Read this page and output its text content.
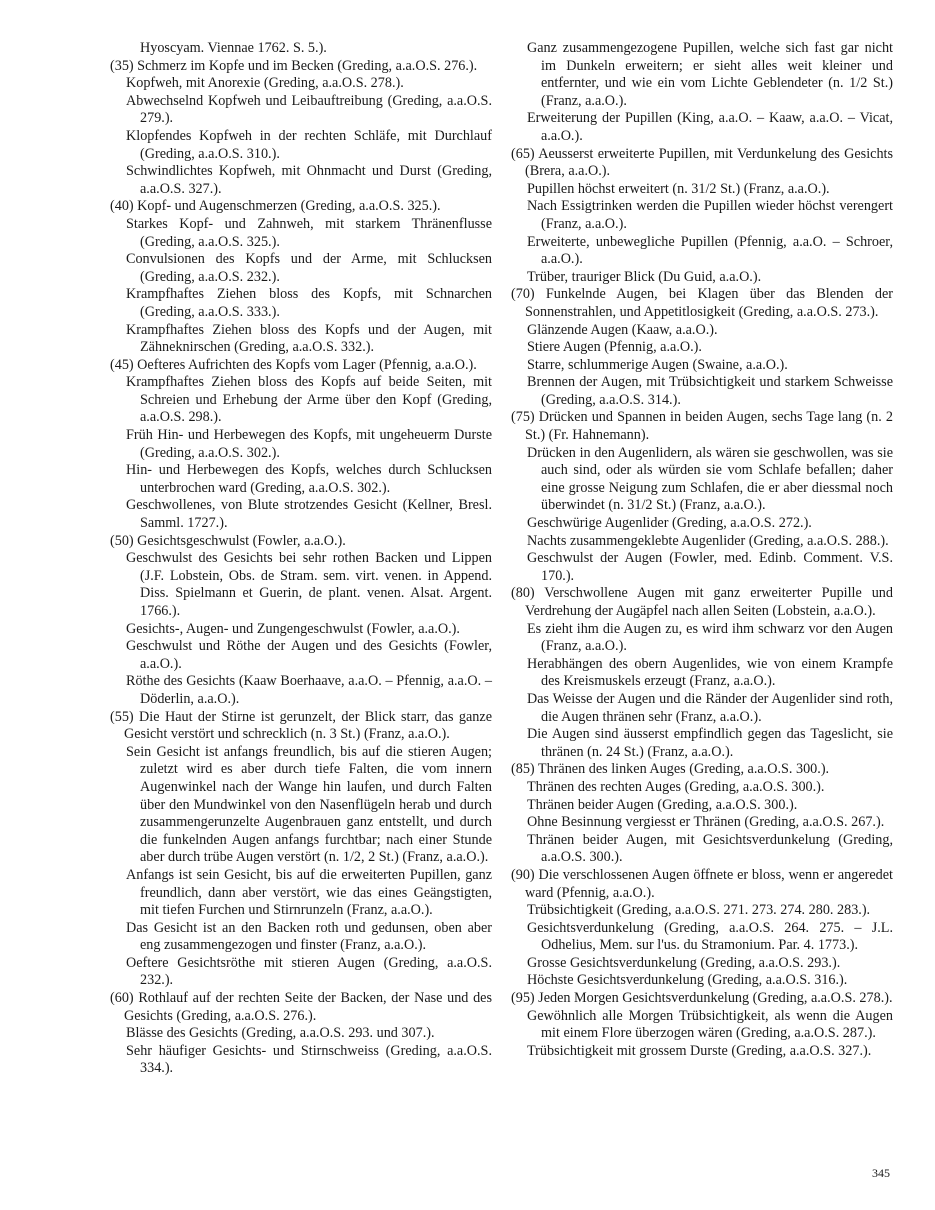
Hyoscyam. Viennae 1762. S. 5.).

(35) Schmerz im Kopfe und im Becken (Greding, a.a.O.S. 276.).

Kopfweh, mit Anorexie (Greding, a.a.O.S. 278.).

Abwechselnd Kopfweh und Leibauftreibung (Greding, a.a.O.S. 279.).

Klopfendes Kopfweh in der rechten Schläfe, mit Durchlauf (Greding, a.a.O.S. 310.).

Schwindlichtes Kopfweh, mit Ohnmacht und Durst (Greding, a.a.O.S. 327.).

(40) Kopf- und Augenschmerzen (Greding, a.a.O.S. 325.).

Starkes Kopf- und Zahnweh, mit starkem Thränenflusse (Greding, a.a.O.S. 325.).

Convulsionen des Kopfs und der Arme, mit Schlucksen (Greding, a.a.O.S. 232.).

Krampfhaftes Ziehen bloss des Kopfs, mit Schnarchen (Greding, a.a.O.S. 333.).

Krampfhaftes Ziehen bloss des Kopfs und der Augen, mit Zähneknirschen (Greding, a.a.O.S. 332.).

(45) Oefteres Aufrichten des Kopfs vom Lager (Pfennig, a.a.O.).

Krampfhaftes Ziehen bloss des Kopfs auf beide Seiten, mit Schreien und Erhebung der Arme über den Kopf (Greding, a.a.O.S. 298.).

Früh Hin- und Herbewegen des Kopfs, mit ungeheuerm Durste (Greding, a.a.O.S. 302.).

Hin- und Herbewegen des Kopfs, welches durch Schlucksen unterbrochen ward (Greding, a.a.O.S. 302.).

Geschwollenes, von Blute strotzendes Gesicht (Kellner, Bresl. Samml. 1727.).

(50) Gesichtsgeschwulst (Fowler, a.a.O.).

Geschwulst des Gesichts bei sehr rothen Backen und Lippen (J.F. Lobstein, Obs. de Stram. sem. virt. venen. in Append. Diss. Spielmann et Guerin, de plant. venen. Alsat. Argent. 1766.).

Gesichts-, Augen- und Zungengeschwulst (Fowler, a.a.O.).

Geschwulst und Röthe der Augen und des Gesichts (Fowler, a.a.O.).

Röthe des Gesichts (Kaaw Boerhaave, a.a.O. – Pfennig, a.a.O. – Döderlin, a.a.O.).

(55) Die Haut der Stirne ist gerunzelt, der Blick starr, das ganze Gesicht verstört und schrecklich (n. 3 St.) (Franz, a.a.O.).

Sein Gesicht ist anfangs freundlich, bis auf die stieren Augen; zuletzt wird es aber durch tiefe Falten, die vom innern Augenwinkel nach der Wange hin laufen, und durch Falten über den Mundwinkel von den Nasenflügeln herab und durch zusammengerunzelte Augenbrauen ganz entstellt, und durch die funkelnden Augen anfangs furchtbar; nach einer Stunde aber durch trübe Augen verstört (n. 1/2, 2 St.) (Franz, a.a.O.).

Anfangs ist sein Gesicht, bis auf die erweiterten Pupillen, ganz freundlich, dann aber verstört, wie das eines Geängstigten, mit tiefen Furchen und Stirnrunzeln (Franz, a.a.O.).

Das Gesicht ist an den Backen roth und gedunsen, oben aber eng zusammengezogen und finster (Franz, a.a.O.).

Oeftere Gesichtsröthe mit stieren Augen (Greding, a.a.O.S. 232.).

(60) Rothlauf auf der rechten Seite der Backen, der Nase und des Gesichts (Greding, a.a.O.S. 276.).

Blässe des Gesichts (Greding, a.a.O.S. 293. und 307.).

Sehr häufiger Gesichts- und Stirnschweiss (Greding, a.a.O.S. 334.).

Ganz zusammengezogene Pupillen, welche sich fast gar nicht im Dunkeln erweitern; er sieht alles weit kleiner und entfernter, und wie ein vom Lichte Geblendeter (n. 1/2 St.) (Franz, a.a.O.).

Erweiterung der Pupillen (King, a.a.O. – Kaaw, a.a.O. – Vicat, a.a.O.).

(65) Aeusserst erweiterte Pupillen, mit Verdunkelung des Gesichts (Brera, a.a.O.).

Pupillen höchst erweitert (n. 31/2 St.) (Franz, a.a.O.).

Nach Essigtrinken werden die Pupillen wieder höchst verengert (Franz, a.a.O.).

Erweiterte, unbewegliche Pupillen (Pfennig, a.a.O. – Schroer, a.a.O.).

Trüber, trauriger Blick (Du Guid, a.a.O.).

(70) Funkelnde Augen, bei Klagen über das Blenden der Sonnenstrahlen, und Appetitlosigkeit (Greding, a.a.O.S. 273.).

Glänzende Augen (Kaaw, a.a.O.).

Stiere Augen (Pfennig, a.a.O.).

Starre, schlummerige Augen (Swaine, a.a.O.).

Brennen der Augen, mit Trübsichtigkeit und starkem Schweisse (Greding, a.a.O.S. 314.).

(75) Drücken und Spannen in beiden Augen, sechs Tage lang (n. 2 St.) (Fr. Hahnemann).

Drücken in den Augenlidern, als wären sie geschwollen, was sie auch sind, oder als würden sie vom Schlafe befallen; daher eine grosse Neigung zum Schlafen, die er aber diessmal noch überwindet (n. 31/2 St.) (Franz, a.a.O.).

Geschwürige Augenlider (Greding, a.a.O.S. 272.).

Nachts zusammengeklebte Augenlider (Greding, a.a.O.S. 288.).

Geschwulst der Augen (Fowler, med. Edinb. Comment. V.S. 170.).

(80) Verschwollene Augen mit ganz erweiterter Pupille und Verdrehung der Augäpfel nach allen Seiten (Lobstein, a.a.O.).

Es zieht ihm die Augen zu, es wird ihm schwarz vor den Augen (Franz, a.a.O.).

Herabhängen des obern Augenlides, wie von einem Krampfe des Kreismuskels erzeugt (Franz, a.a.O.).

Das Weisse der Augen und die Ränder der Augenlider sind roth, die Augen thränen sehr (Franz, a.a.O.).

Die Augen sind äusserst empfindlich gegen das Tageslicht, sie thränen (n. 24 St.) (Franz, a.a.O.).

(85) Thränen des linken Auges (Greding, a.a.O.S. 300.).

Thränen des rechten Auges (Greding, a.a.O.S. 300.).

Thränen beider Augen (Greding, a.a.O.S. 300.).

Ohne Besinnung vergiesst er Thränen (Greding, a.a.O.S. 267.).

Thränen beider Augen, mit Gesichtsverdunkelung (Greding, a.a.O.S. 300.).

(90) Die verschlossenen Augen öffnete er bloss, wenn er angeredet ward (Pfennig, a.a.O.).

Trübsichtigkeit (Greding, a.a.O.S. 271. 273. 274. 280. 283.).

Gesichtsverdunkelung (Greding, a.a.O.S. 264. 275. – J.L. Odhelius, Mem. sur l'us. du Stramonium. Par. 4. 1773.).

Grosse Gesichtsverdunkelung (Greding, a.a.O.S. 293.).

Höchste Gesichtsverdunkelung (Greding, a.a.O.S. 316.).

(95) Jeden Morgen Gesichtsverdunkelung (Greding, a.a.O.S. 278.).

Gewöhnlich alle Morgen Trübsichtigkeit, als wenn die Augen mit einem Flore überzogen wären (Greding, a.a.O.S. 287.).

Trübsichtigkeit mit grossem Durste (Greding, a.a.O.S. 327.).

345
